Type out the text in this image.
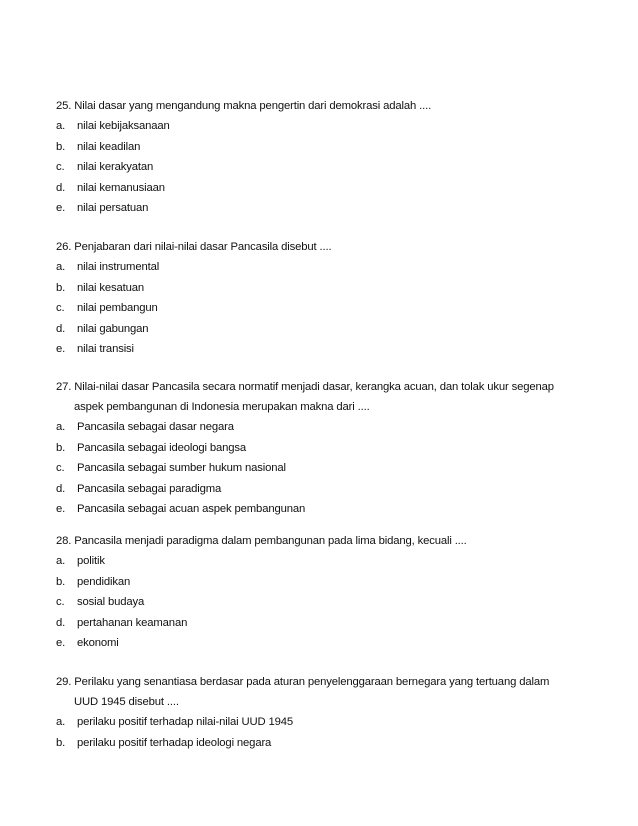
25. Nilai dasar yang mengandung makna pengertin dari demokrasi adalah ....
a.	nilai kebijaksanaan
b.	nilai keadilan
c.	nilai kerakyatan
d.	nilai kemanusiaan
e.	nilai persatuan
26. Penjabaran dari nilai-nilai dasar Pancasila disebut ....
a.	nilai instrumental
b.	nilai kesatuan
c.	nilai pembangun
d.	nilai gabungan
e.	nilai transisi
27. Nilai-nilai dasar Pancasila secara normatif menjadi dasar, kerangka acuan, dan tolak ukur segenap
aspek pembangunan di Indonesia merupakan makna dari ....
a.	Pancasila sebagai dasar negara
b.	Pancasila sebagai ideologi bangsa
c.	Pancasila sebagai sumber hukum nasional
d.	Pancasila sebagai paradigma
e.	Pancasila sebagai acuan aspek pembangunan
28. Pancasila menjadi paradigma dalam pembangunan pada lima bidang, kecuali ....
a.	politik
b.	pendidikan
c.	sosial budaya
d.	pertahanan keamanan
e.	ekonomi
29. Perilaku yang senantiasa berdasar pada aturan penyelenggaraan bernegara yang tertuang dalam
UUD 1945 disebut ....
a.	perilaku positif terhadap nilai-nilai UUD 1945
b.	perilaku positif terhadap ideologi negara
